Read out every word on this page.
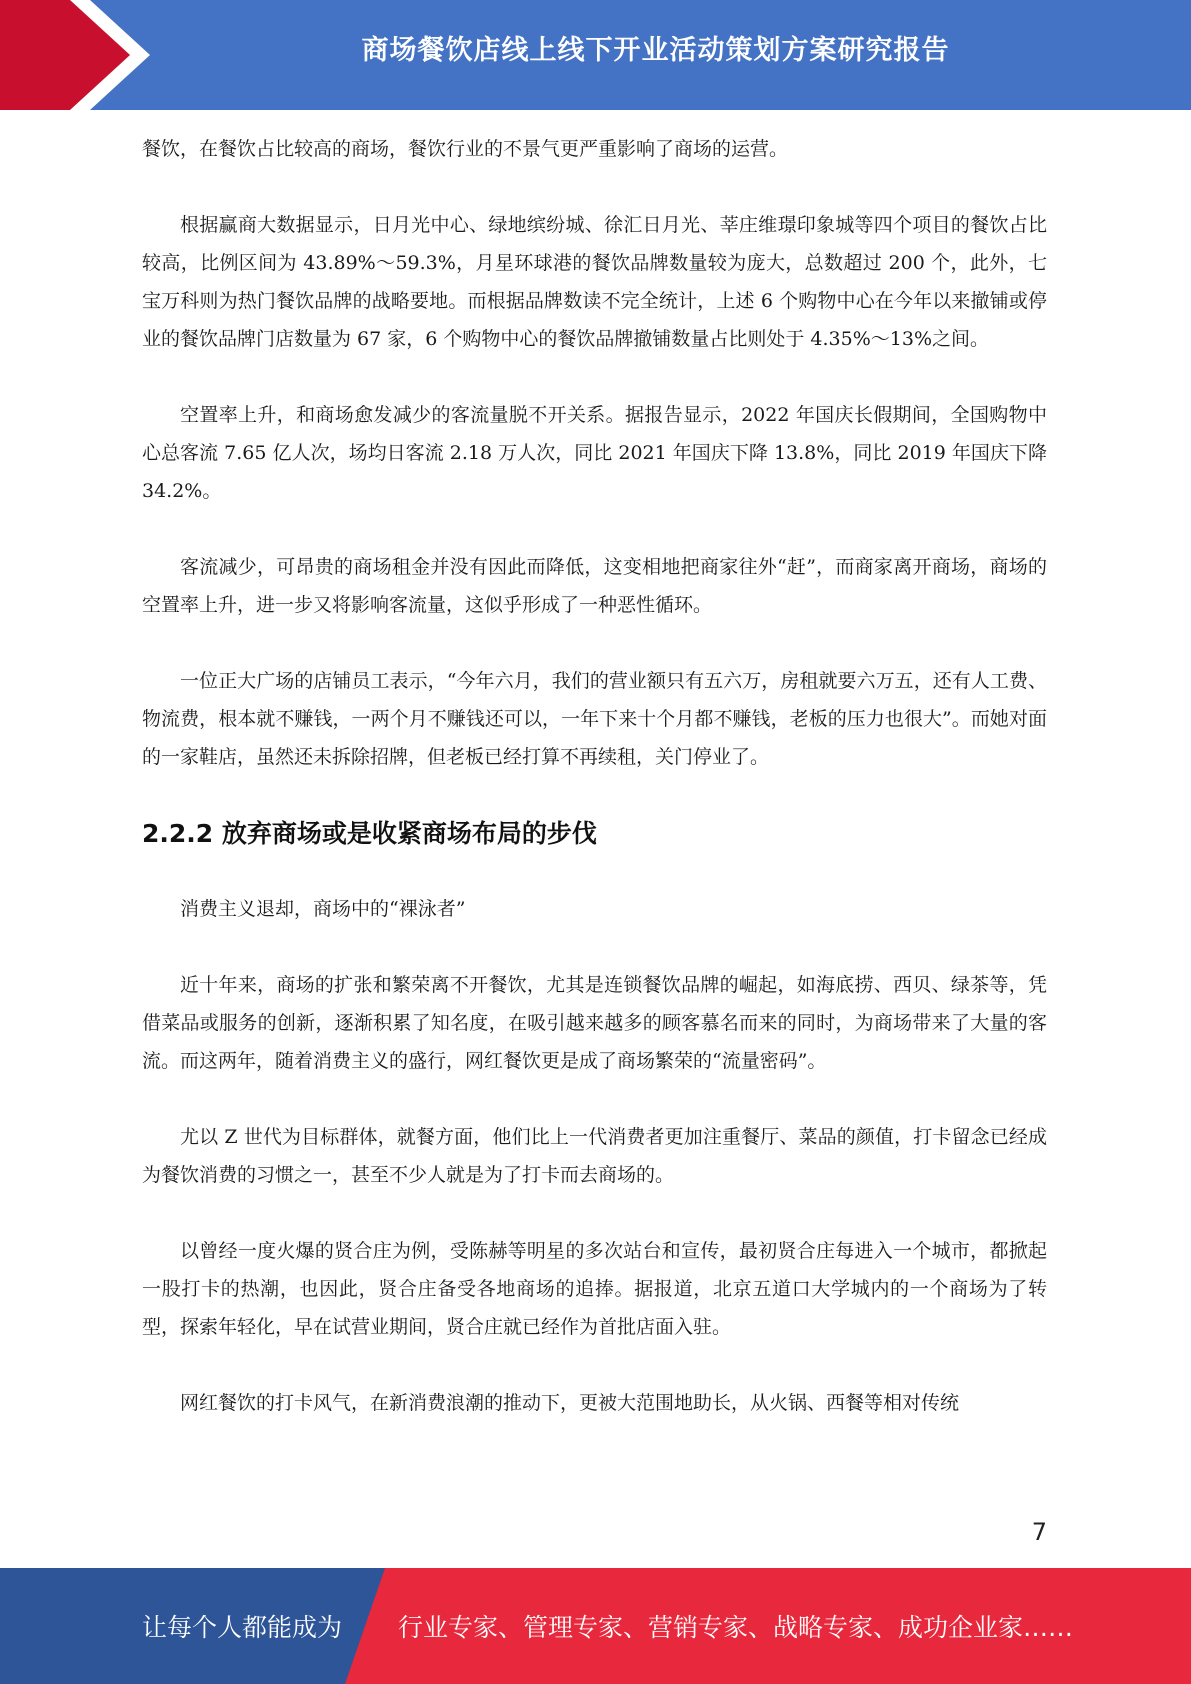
商场餐饮店线上线下开业活动策划方案研究报告

餐饮，在餐饮占比较高的商场，餐饮行业的不景气更严重影响了商场的运营。

根据赢商大数据显示，日月光中心、绿地缤纷城、徐汇日月光、莘庄维璟印象城等四个项目的餐饮占比较高，比例区间为 43.89%～59.3%，月星环球港的餐饮品牌数量较为庞大，总数超过 200 个，此外，七宝万科则为热门餐饮品牌的战略要地。而根据品牌数读不完全统计，上述 6 个购物中心在今年以来撤铺或停业的餐饮品牌门店数量为 67 家，6 个购物中心的餐饮品牌撤铺数量占比则处于 4.35%～13%之间。

空置率上升，和商场愈发减少的客流量脱不开关系。据报告显示，2022 年国庆长假期间，全国购物中心总客流 7.65 亿人次，场均日客流 2.18 万人次，同比 2021 年国庆下降 13.8%，同比 2019 年国庆下降 34.2%。

客流减少，可昂贵的商场租金并没有因此而降低，这变相地把商家往外“赶”，而商家离开商场，商场的空置率上升，进一步又将影响客流量，这似乎形成了一种恶性循环。

一位正大广场的店铺员工表示，“今年六月，我们的营业额只有五六万，房租就要六万五，还有人工费、物流费，根本就不赚钱，一两个月不赚钱还可以，一年下来十个月都不赚钱，老板的压力也很大”。而她对面的一家鞋店，虽然还未拆除招牌，但老板已经打算不再续租，关门停业了。

2.2.2 放弃商场或是收紧商场布局的步伐

消费主义退却，商场中的“裸泳者”

近十年来，商场的扩张和繁荣离不开餐饮，尤其是连锁餐饮品牌的崛起，如海底捞、西贝、绿茶等，凭借菜品或服务的创新，逐渐积累了知名度，在吸引越来越多的顾客慕名而来的同时，为商场带来了大量的客流。而这两年，随着消费主义的盛行，网红餐饮更是成了商场繁荣的“流量密码”。

尤以 Z 世代为目标群体，就餐方面，他们比上一代消费者更加注重餐厅、菜品的颜值，打卡留念已经成为餐饮消费的习惯之一，甚至不少人就是为了打卡而去商场的。

以曾经一度火爆的贤合庄为例，受陈赫等明星的多次站台和宣传，最初贤合庄每进入一个城市，都掀起一股打卡的热潮，也因此，贤合庄备受各地商场的追捧。据报道，北京五道口大学城内的一个商场为了转型，探索年轻化，早在试营业期间，贤合庄就已经作为首批店面入驻。

网红餐饮的打卡风气，在新消费浪潮的推动下，更被大范围地助长，从火锅、西餐等相对传统

7
让每个人都能成为 行业专家、管理专家、营销专家、战略专家、成功企业家……
